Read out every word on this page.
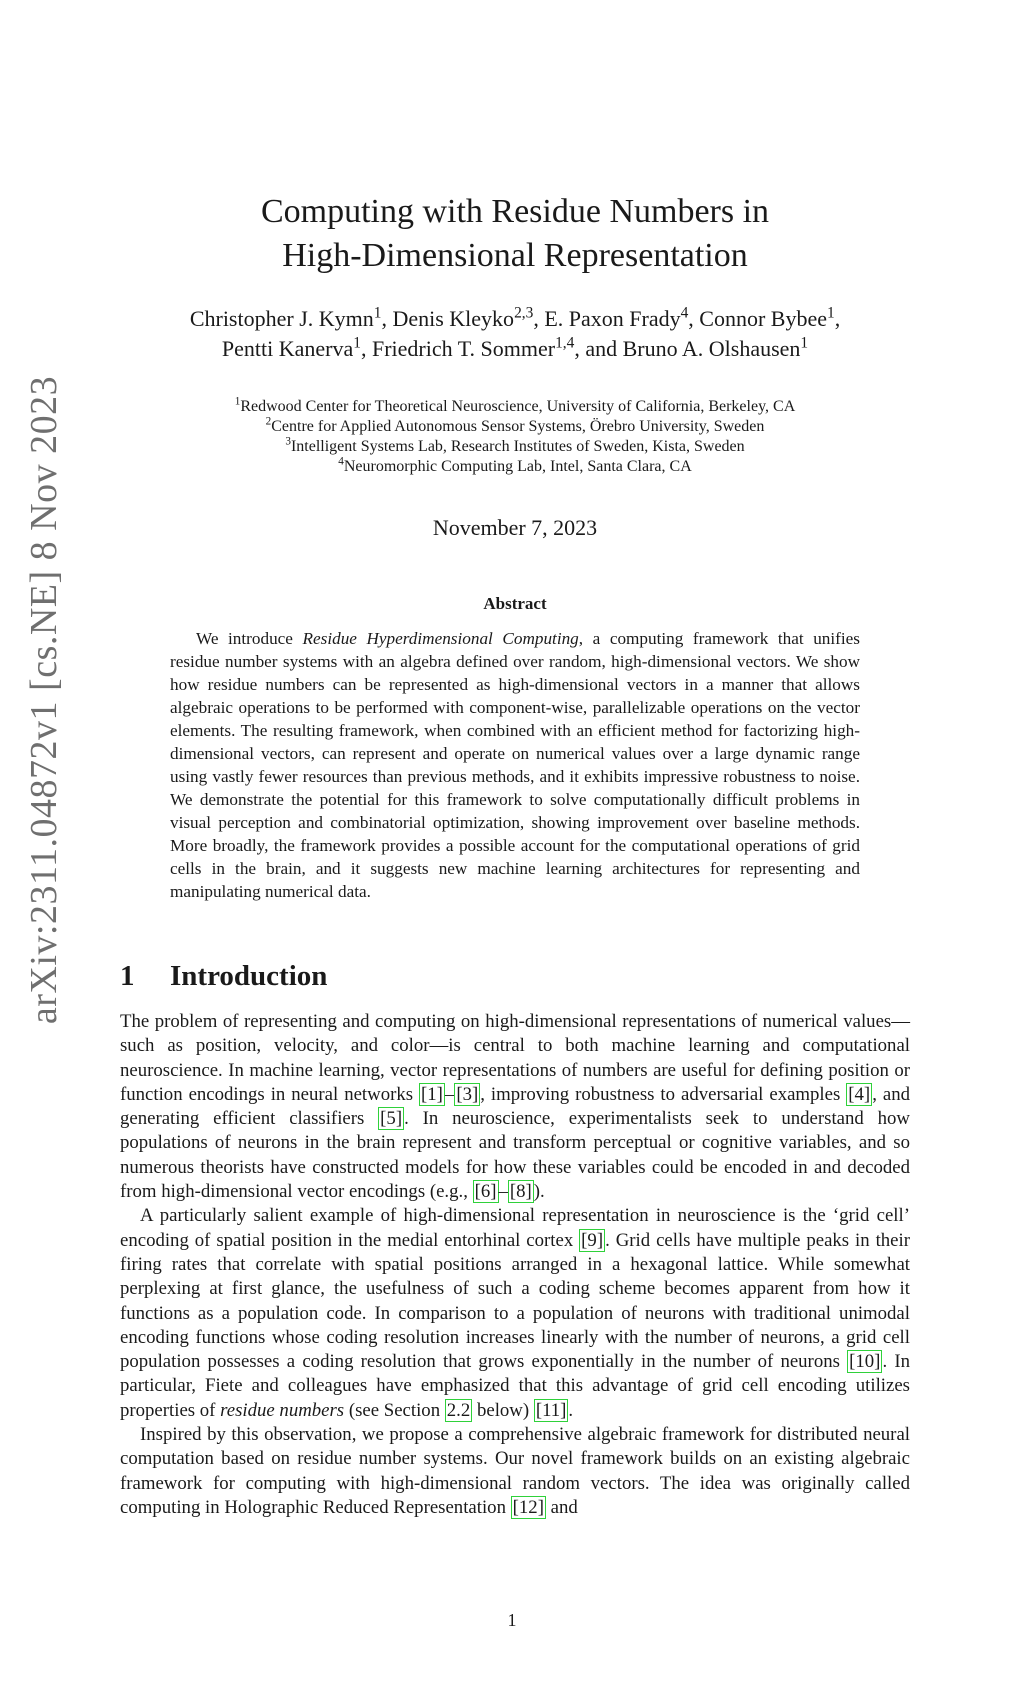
arXiv:2311.04872v1 [cs.NE] 8 Nov 2023
Computing with Residue Numbers in
High-Dimensional Representation
Christopher J. Kymn$^1$, Denis Kleyko$^{2,3}$, E. Paxon Frady$^4$, Connor Bybee$^1$,
Pentti Kanerva$^1$, Friedrich T. Sommer$^{1,4}$, and Bruno A. Olshausen$^1$
$^1$Redwood Center for Theoretical Neuroscience, University of California, Berkeley, CA
$^2$Centre for Applied Autonomous Sensor Systems, Örebro University, Sweden
$^3$Intelligent Systems Lab, Research Institutes of Sweden, Kista, Sweden
$^4$Neuromorphic Computing Lab, Intel, Santa Clara, CA
November 7, 2023
Abstract

We introduce Residue Hyperdimensional Computing, a computing framework that unifies residue number systems with an algebra defined over random, high-dimensional vectors. We show how residue numbers can be represented as high-dimensional vectors in a manner that allows algebraic operations to be performed with component-wise, parallelizable operations on the vector elements. The resulting framework, when combined with an efficient method for factorizing high-dimensional vectors, can represent and operate on numerical values over a large dynamic range using vastly fewer resources than previous methods, and it exhibits impressive robustness to noise. We demonstrate the potential for this framework to solve computationally difficult problems in visual perception and combinatorial optimization, showing improvement over baseline methods. More broadly, the framework provides a possible account for the computational operations of grid cells in the brain, and it suggests new machine learning architectures for representing and manipulating numerical data.

1 Introduction

The problem of representing and computing on high-dimensional representations of numerical values—such as position, velocity, and color—is central to both machine learning and computational neuroscience. In machine learning, vector representations of numbers are useful for defining position or function encodings in neural networks [1] – [3] , improving robustness to adversarial examples [4] , and generating efficient classifiers [5] . In neuroscience, experimentalists seek to understand how populations of neurons in the brain represent and transform perceptual or cognitive variables, and so numerous theorists have constructed models for how these variables could be encoded in and decoded from high-dimensional vector encodings (e.g., [6] – [8] ).

A particularly salient example of high-dimensional representation in neuroscience is the ‘grid cell’ encoding of spatial position in the medial entorhinal cortex [9] . Grid cells have multiple peaks in their firing rates that correlate with spatial positions arranged in a hexagonal lattice. While somewhat perplexing at first glance, the usefulness of such a coding scheme becomes apparent from how it functions as a population code. In comparison to a population of neurons with traditional unimodal encoding functions whose coding resolution increases linearly with the number of neurons, a grid cell population possesses a coding resolution that grows exponentially in the number of neurons [10] . In particular, Fiete and colleagues have emphasized that this advantage of grid cell encoding utilizes properties of residue numbers (see Section 2.2 below) [11] .

Inspired by this observation, we propose a comprehensive algebraic framework for distributed neural computation based on residue number systems. Our novel framework builds on an existing algebraic framework for computing with high-dimensional random vectors. The idea was originally called computing in Holographic Reduced Representation [12] and

1
